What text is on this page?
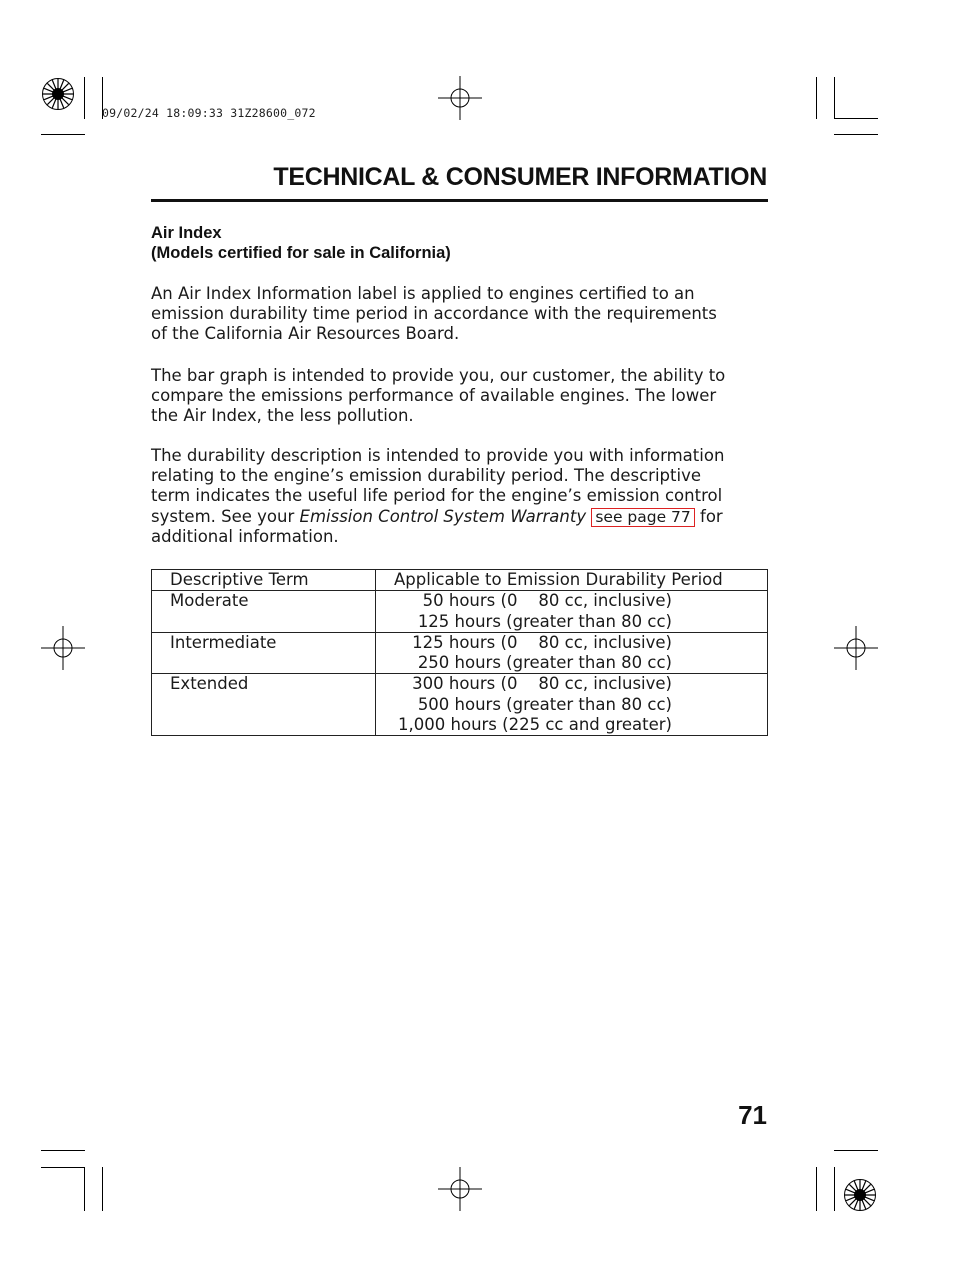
09/02/24 18:09:33 31Z28600_072
TECHNICAL & CONSUMER INFORMATION
Air Index
(Models certified for sale in California)
An Air Index Information label is applied to engines certified to an
emission durability time period in accordance with the requirements
of the California Air Resources Board.
The bar graph is intended to provide you, our customer, the ability to
compare the emissions performance of available engines. The lower
the Air Index, the less pollution.
The durability description is intended to provide you with information
relating to the engine’s emission durability period. The descriptive
term indicates the useful life period for the engine’s emission control
system. See your Emission Control System Warranty see page 77 for
additional information.
Descriptive Term	Applicable to Emission Durability Period
Moderate	50 hours (0    80 cc, inclusive)
125 hours (greater than 80 cc)

Intermediate	125 hours (0    80 cc, inclusive)
250 hours (greater than 80 cc)

Extended	300 hours (0    80 cc, inclusive)
500 hours (greater than 80 cc)
1,000 hours (225 cc and greater)
71
